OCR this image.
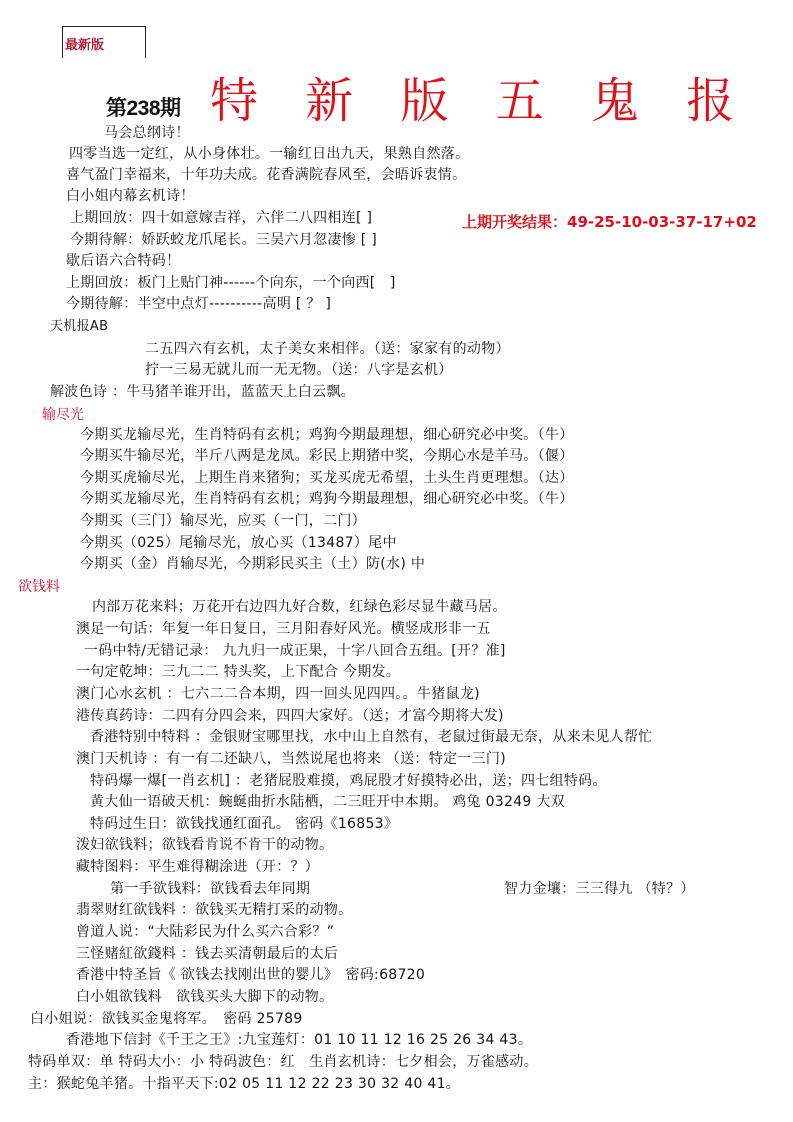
最新版
第238期 特 新 版 五 鬼 报
马会总纲诗！
四零当选一定红，从小身体壮。一输红日出九天，果熟自然落。
喜气盈门幸福来，十年功夫成。花香满院春风至，会晤诉衷情。
白小姐内幕玄机诗！
上期回放：四十如意嫁吉祥，六伴二八四相连[ ]
今期待解：娇跃蛟龙爪尾长。三吴六月忽凄惨 [ ]
上期开奖结果：49-25-10-03-37-17+02
歇后语六合特码！
上期回放：板门上贴门神------个向东，一个向西[　]
今期待解：半空中点灯----------高明 [ ？ ]
天机报AB
二五四六有玄机，太子美女来相伴。（送：家家有的动物）
拧一三易无就儿而一无无物。（送：八字是玄机）
解波色诗 ：牛马猪羊谁开出，蓝蓝天上白云飘。
输尽光
今期买龙输尽光，生肖特码有玄机；鸡狗今期最理想，细心研究必中奖。（牛）
今期买牛输尽光，半斤八两是龙凤。彩民上期猪中奖，今期心水是羊马。（偃）
今期买虎输尽光，上期生肖来猪狗；买龙买虎无希望，土头生肖更理想。（达）
今期买龙输尽光，生肖特码有玄机；鸡狗今期最理想，细心研究必中奖。（牛）
今期买（三门）输尽光，应买（一门，二门）
今期买（025）尾输尽光，放心买（13487）尾中
今期买（金）肖输尽光，今期彩民买主（土）防(水) 中
欲钱料
内部万花来料；万花开右边四九好合数，红绿色彩尽显牛藏马居。
澳足一句话：年复一年日复日，三月阳春好风光。横竖成形非一五
一码中特/无错记录： 九九归一成正果，十字八回合五组。[开？准]
一句定乾坤：三九二二 特头奖，上下配合 今期发。
澳门心水玄机 ：七六二二合本期，四一回头见四四。。牛猪鼠龙)
港传真药诗：二四有分四会来，四四大家好。（送；才富今期将大发)
香港特别中特料 ：金银财宝哪里找，水中山上自然有，老鼠过街最无奈，从来未见人帮忙
澳门天机诗 ：有一有二还缺八，当然说尾也将来 （送：特定一三门)
特码爆一爆[一肖玄机] ：老猪屁股难摸，鸡屁股才好摸特必出，送；四七组特码。
黄大仙一语破天机：蜿蜒曲折水陆栖，二三旺开中本期。 鸡兔 03249 大双
特码过生日：欲钱找通红面孔。 密码《16853》
泼妇欲钱料；欲钱看肯说不肯干的动物。
藏特图料：平生难得糊涂进（开：？）
第一手欲钱料：欲钱看去年同期	智力金壤：三三得九 （特？）
翡翠财红欲钱料 ：欲钱买无精打采的动物。
曾道人说：“大陆彩民为什么买六合彩？”
三怪赌紅欲錢料 ：钱去买清朝最后的太后
香港中特圣旨《 欲钱去找刚出世的婴儿》　密码:68720
白小姐欲钱料　欲钱买头大脚下的动物。
白小姐说：欲钱买金鬼将军。　密码 25789
香港地下信封《千王之王》:九宝莲灯：01 10 11 12 16 25 26 34 43。
特码单双：单 特码大小：小 特码波色：红　生肖玄机诗：七夕相会，万雀感动。
主：猴蛇兔羊猪。十指平天下:02 05 11 12 22 23 30 32 40 41。
